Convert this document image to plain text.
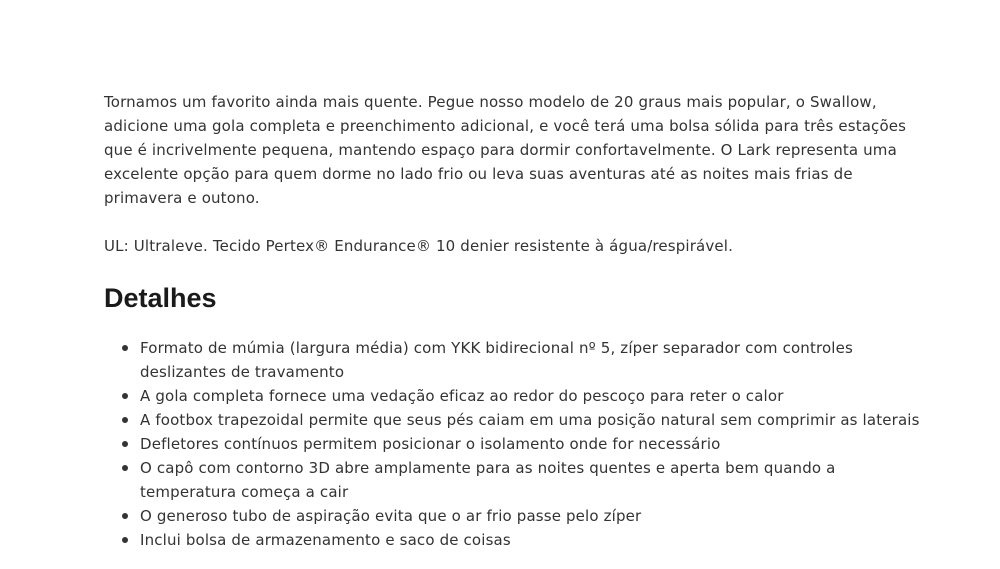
Tornamos um favorito ainda mais quente. Pegue nosso modelo de 20 graus mais popular, o Swallow, adicione uma gola completa e preenchimento adicional, e você terá uma bolsa sólida para três estações que é incrivelmente pequena, mantendo espaço para dormir confortavelmente. O Lark representa uma excelente opção para quem dorme no lado frio ou leva suas aventuras até as noites mais frias de primavera e outono.

UL: Ultraleve. Tecido Pertex® Endurance® 10 denier resistente à água/respirável.

Detalhes
Formato de múmia (largura média) com YKK bidirecional nº 5, zíper separador com controles deslizantes de travamento
A gola completa fornece uma vedação eficaz ao redor do pescoço para reter o calor
A footbox trapezoidal permite que seus pés caiam em uma posição natural sem comprimir as laterais
Defletores contínuos permitem posicionar o isolamento onde for necessário
O capô com contorno 3D abre amplamente para as noites quentes e aperta bem quando a temperatura começa a cair
O generoso tubo de aspiração evita que o ar frio passe pelo zíper
Inclui bolsa de armazenamento e saco de coisas
